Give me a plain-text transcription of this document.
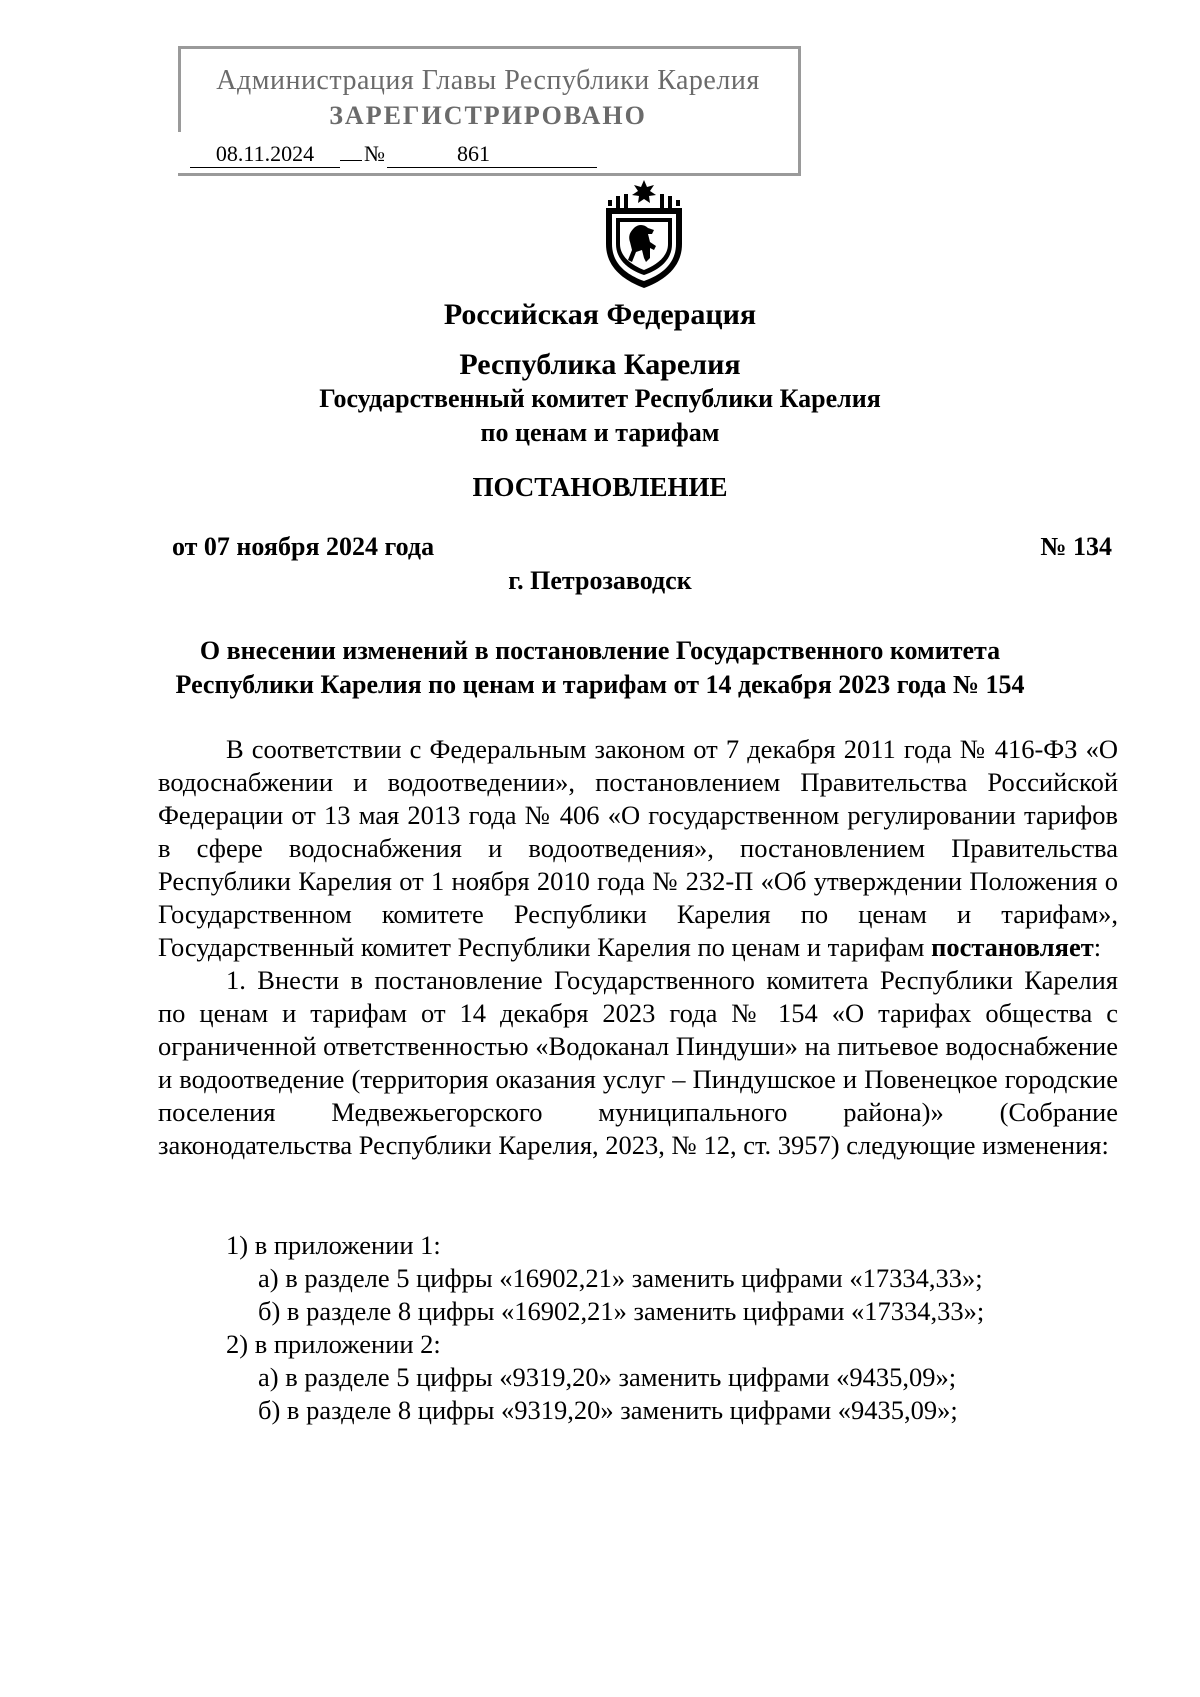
Администрация Главы Республики Карелия
ЗАРЕГИСТРИРОВАНО
08.11.2024 №	861
Российская Федерация
Республика Карелия
Государственный комитет Республики Карелия
по ценам и тарифам
ПОСТАНОВЛЕНИЕ
от 07 ноября 2024 года	№ 134
г. Петрозаводск
О внесении изменений в постановление Государственного комитета
Республики Карелия по ценам и тарифам от 14 декабря 2023 года № 154

В соответствии с Федеральным законом от 7 декабря 2011 года № 416-ФЗ «О водоснабжении и водоотведении», постановлением Правительства Российской Федерации от 13 мая 2013 года № 406 «О государственном регулировании тарифов в сфере водоснабжения и водоотведения», постановлением Правительства Республики Карелия от 1 ноября 2010 года № 232-П «Об утверждении Положения о Государственном комитете Республики Карелия по ценам и тарифам», Государственный комитет Республики Карелия по ценам и тарифам постановляет:

1. Внести в постановление Государственного комитета Республики Карелия по ценам и тарифам от 14 декабря 2023 года № 154 «О тарифах общества с ограниченной ответственностью «Водоканал Пиндуши» на питьевое водоснабжение и водоотведение (территория оказания услуг – Пиндушское и Повенецкое городские поселения Медвежьегорского муниципального района)» (Собрание законодательства Республики Карелия, 2023, № 12, ст. 3957) следующие изменения:

1) в приложении 1:
а) в разделе 5 цифры «16902,21» заменить цифрами «17334,33»;
б) в разделе 8 цифры «16902,21» заменить цифрами «17334,33»;
2) в приложении 2:
а) в разделе 5 цифры «9319,20» заменить цифрами «9435,09»;
б) в разделе 8 цифры «9319,20» заменить цифрами «9435,09»;
